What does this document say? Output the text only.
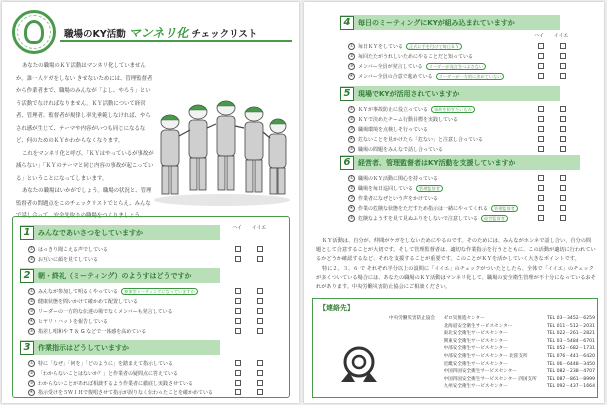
職場のKY活動 マンネリ化 チェックリスト

あなたの職場のＫＹ活動はマンネリ化していませんか。誰一人ケガをしない きせないためには、管理監督者から作業者まで、職場のみんなが「よし、やろう」という活動でなければなりません。ＫＹ活動について経営者、管理者、監督者が規律し率先垂範しなければ、やらされ感が生じて、テーマや内容がいつも同じになるなど、何のためのＫＹかわからなくなります。

これをマンネリ化と呼び、「ＫＹはやっているが事故が減らない」「ＫＹのテーマと同じ内容の事故が起こっている」ということになってしまいます。

あなたの職場はいかがでしょう。職場の状況と、管理監督者の問題点をこのチェックリストでとらえ、みんなで話し合って、安全先取りの職場をつくりましょう。

ハイ イイエ
1	みんなであいさつをしていますか
① はっきり聞こえる声でしている
② お互いに顔を見てしている
2	朝・終礼（ミーティング）のようすはどうですか
① みんなが参加して明るくやっている	参加型ミーティングになっていますか
② 健康状態を問いかけて確かめて配置している
③ リーダーの一方的な伝達の場でなくメンバーも発言している
④ ヒヤリ・ハットを報告している
⑤ 指差し唱和や T ＆ G などで一体感を高めている
3	作業指示はどうしていますか
① 特に「なぜ」「何を」「どのように」を踏まえて指示している
② 「わからないことはないか？」と作業者の疑問点に答えている
③ わからないことがあれば相談するよう作業者に徹底し実践させている
④ 指示受けを５Ｗ１Ｈで復唱させて指示が誤りなく伝わったことを確かめている
ハイ イイエ
4	毎日のミーティングにKYが組み込まれていますか
① 毎日ＫＹをしている	正式に手を付けて毎日ＫＹ
② 毎回たたがうれしいためにやることだと知っている
③ メンバー全員が発言している	リーダーが発言をつぶさない
④ メンバー全員の合意で進めている	リーダーが一方的に決めていない
5	現場でKYが活用されていますか
① ＫＹが事故防止に役立っている	事故を防ぎたいもの
② ＫＹで決めたチーム行動目標を実践している
③ 職場環境を点検しそ行っている
④ 危ないことを見かけたら「危ない」と注意し合っている
⑤ 職場の問題をみんなで話し合っている
6	経営者、管理監督者はKY活動を支援していますか
① 職場のＫＹ活動に関心を持っている
② 職場を毎日巡回している	管理監督者
③ 作業者になぜという声をかけている
④ 作業の危険な状態をただすため指示は一緒にやってくれる	管理監督者
⑤ 危険なようすを見て見ぬふりをしないで注意している	経営監督者

ＫＹ活動は、自分が、仲間がケガをしないためにやるのです。そのためには、みんながホンネで話し合い、自分の問題として合意することが大切です。そして管理監督者は、適切な作業指示を行うとともに、この活動が適切に行われているかどうか確認するなど、それを支援することが重要です。このことがＫＹを活かしていく大きなポイントです。

特に２、３、６ で それぞれ半分以上の設問に「イイエ」のチェックがついたとしたら、全体で「イイエ」のチェックが多くついている場合には、あなたの職場のＫＹ活動はマンネリ化して、職場の安全衛生管理が不十分になっているおそれがあります。中央労働災害防止協会にご相談ください。

【連絡先】
中央労働災害防止協会	ゼロ災推進センター	TEL 03－3452－6259
北海道安全衛生サービスセンター	TEL 011－512－2031
東北安全衛生サービスセンター	TEL 022－261－2821
関東安全衛生サービスセンター	TEL 03－5484－6701
中部安全衛生サービスセンター	TEL 052－682－1731
中部安全衛生サービスセンター 北陸支所	TEL 076－441－6420
近畿安全衛生サービスセンター	TEL 06－6448－3450
中国四国安全衛生サービスセンター	TEL 082－238－4707
中国四国安全衛生サービスセンター 四国支所	TEL 087－861－8999
九州安全衛生サービスセンター	TEL 092－437－1664
